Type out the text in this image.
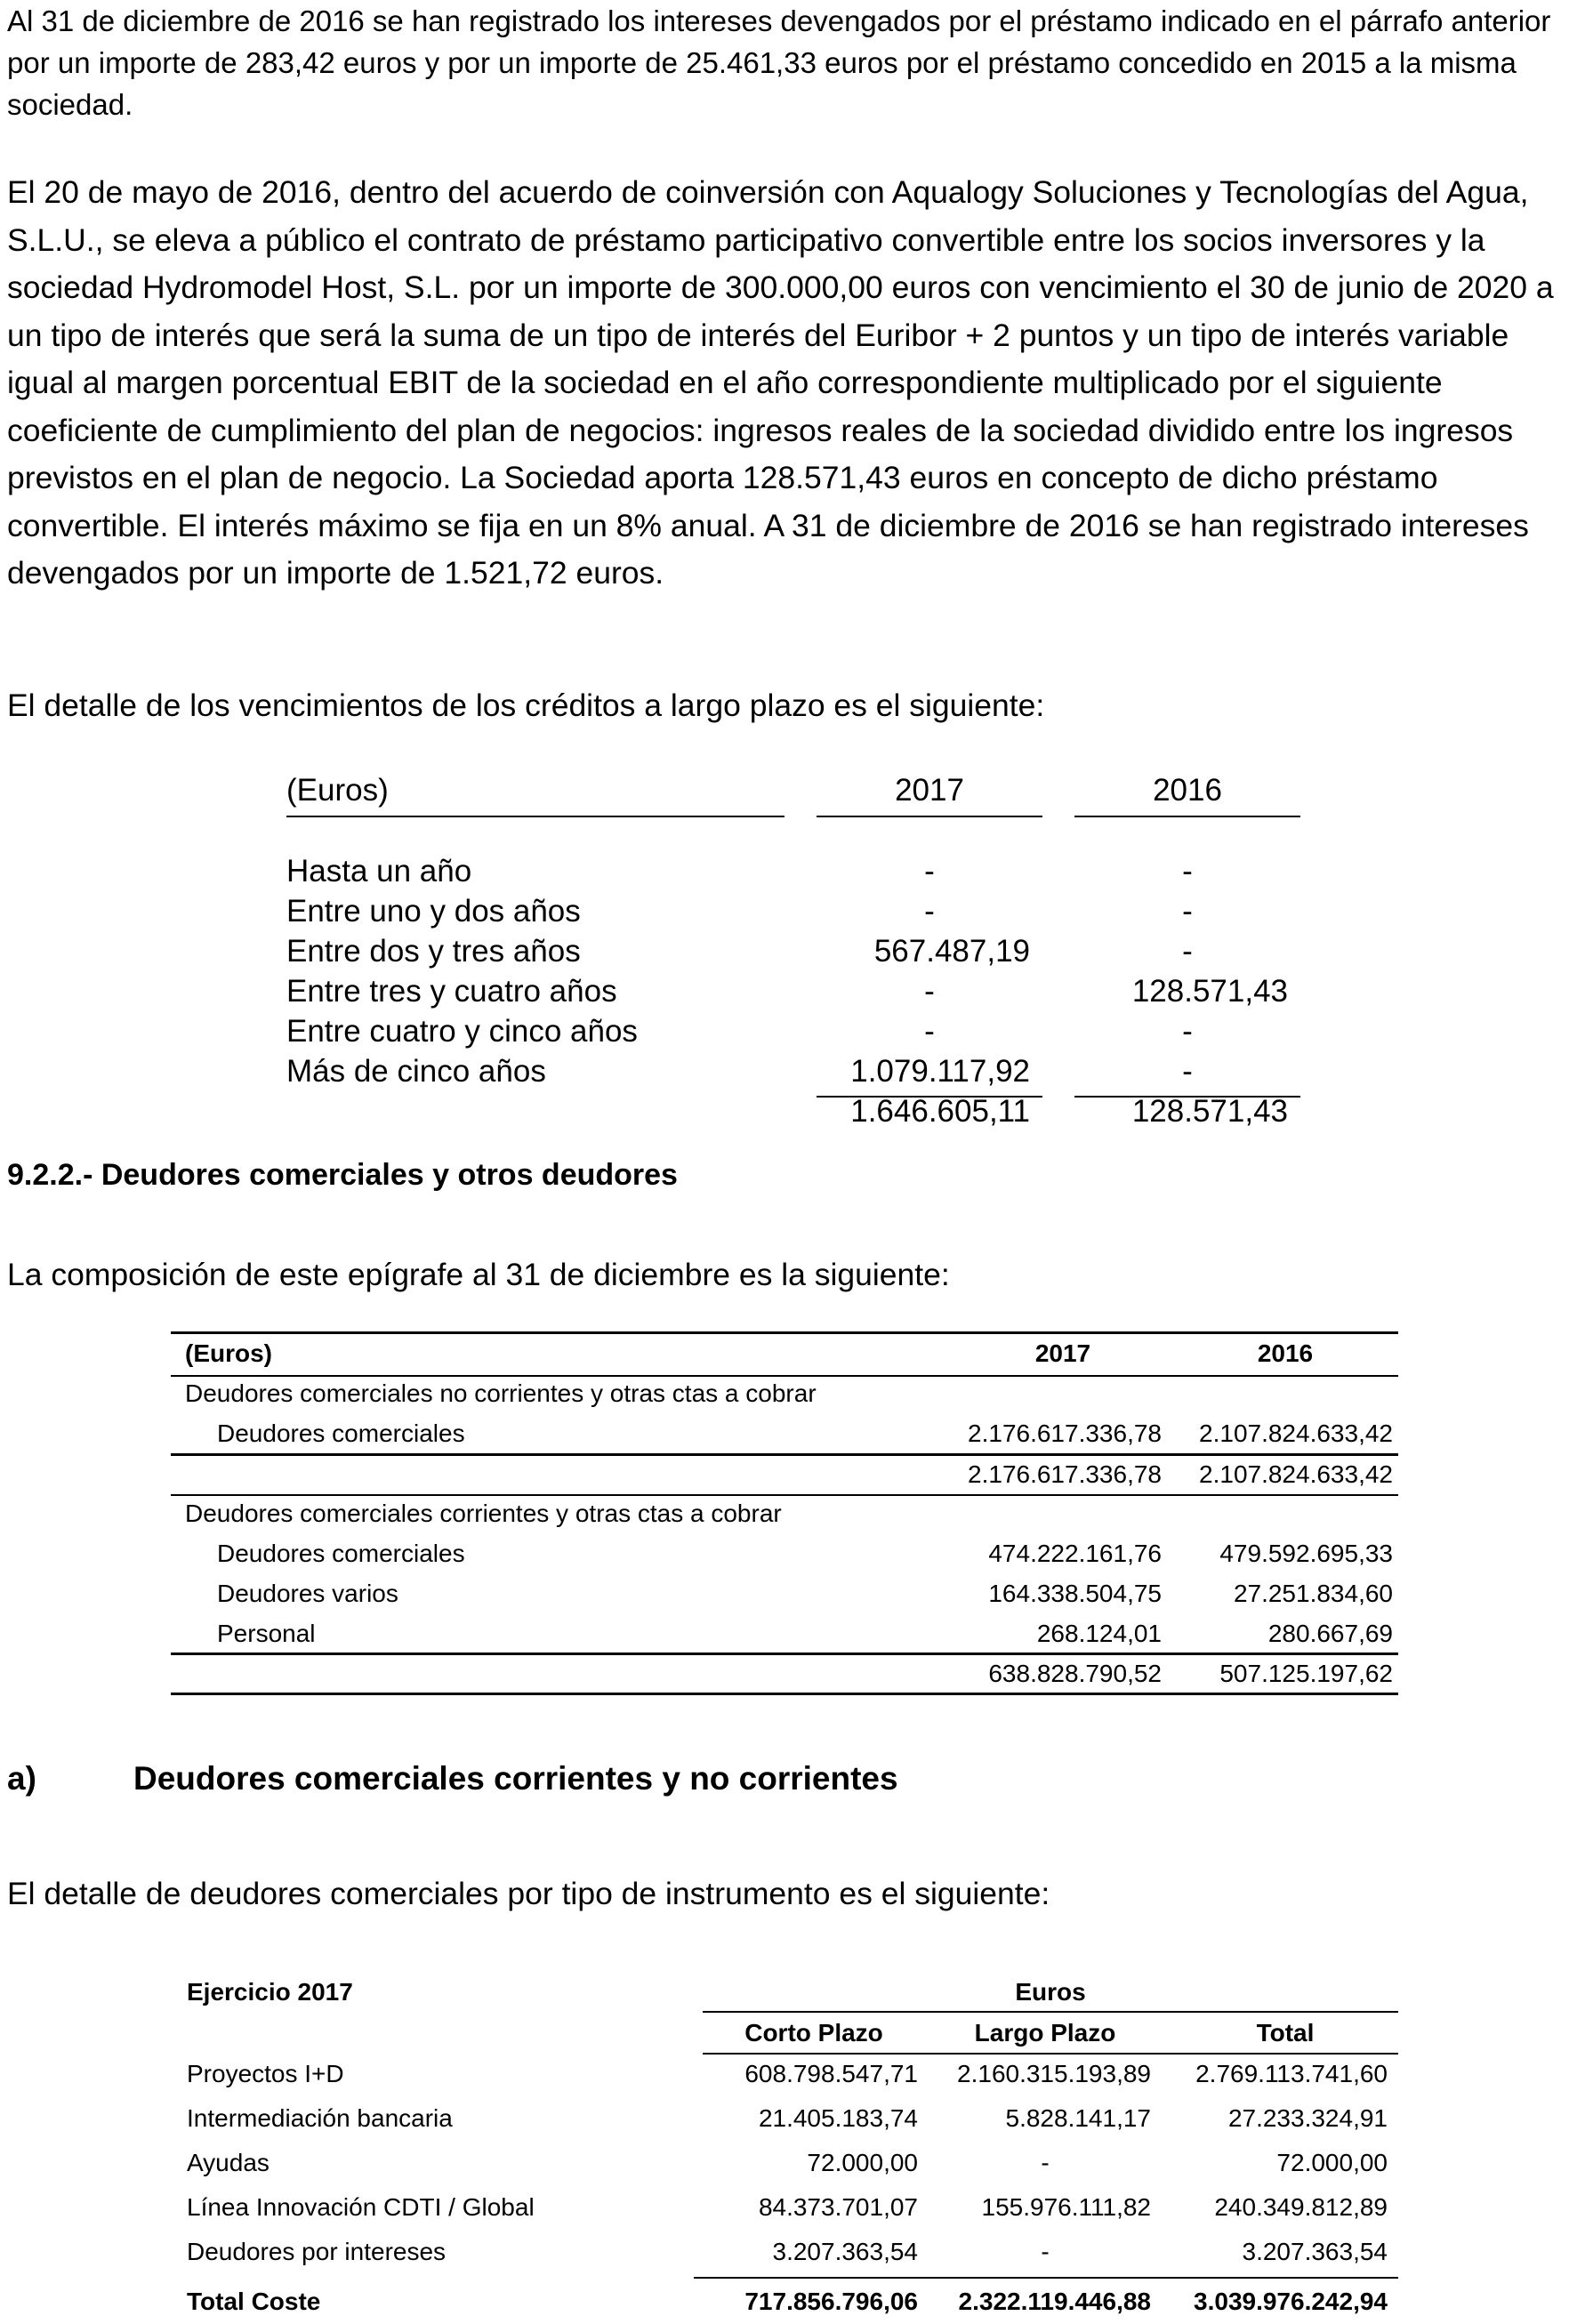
Al 31 de diciembre de 2016 se han registrado los intereses devengados por el préstamo indicado en el párrafo anterior por un importe de 283,42 euros y por un importe de 25.461,33 euros por el préstamo concedido en 2015 a la misma sociedad.

El 20 de mayo de 2016, dentro del acuerdo de coinversión con Aqualogy Soluciones y Tecnologías del Agua, S.L.U., se eleva a público el contrato de préstamo participativo convertible entre los socios inversores y la sociedad Hydromodel Host, S.L. por un importe de 300.000,00 euros con vencimiento el 30 de junio de 2020 a un tipo de interés que será la suma de un tipo de interés del Euribor + 2 puntos y un tipo de interés variable igual al margen porcentual EBIT de la sociedad en el año correspondiente multiplicado por el siguiente coeficiente de cumplimiento del plan de negocios: ingresos reales de la sociedad dividido entre los ingresos previstos en el plan de negocio. La Sociedad aporta 128.571,43 euros en concepto de dicho préstamo convertible. El interés máximo se fija en un 8% anual. A 31 de diciembre de 2016 se han registrado intereses devengados por un importe de 1.521,72 euros.

El detalle de los vencimientos de los créditos a largo plazo es el siguiente:

(Euros)	2017	2016
Hasta un año	-	-
Entre uno y dos años	-	-
Entre dos y tres años	567.487,19	-
Entre tres y cuatro años	-	128.571,43
Entre cuatro y cinco años	-	-
Más de cinco años	1.079.117,92	-
1.646.605,11	128.571,43
9.2.2.- Deudores comerciales y otros deudores

La composición de este epígrafe al 31 de diciembre es la siguiente:

(Euros)	2017	2016
Deudores comerciales no corrientes y otras ctas a cobrar
Deudores comerciales	2.176.617.336,78	2.107.824.633,42
2.176.617.336,78	2.107.824.633,42
Deudores comerciales corrientes y otras ctas a cobrar
Deudores comerciales	474.222.161,76	479.592.695,33
Deudores varios	164.338.504,75	27.251.834,60
Personal	268.124,01	280.667,69
638.828.790,52	507.125.197,62
a)	Deudores comerciales corrientes y no corrientes

El detalle de deudores comerciales por tipo de instrumento es el siguiente:

Ejercicio 2017	Euros
Corto Plazo	Largo Plazo	Total
Proyectos I+D	608.798.547,71	2.160.315.193,89	2.769.113.741,60
Intermediación bancaria	21.405.183,74	5.828.141,17	27.233.324,91
Ayudas	72.000,00	-	72.000,00
Línea Innovación CDTI / Global	84.373.701,07	155.976.111,82	240.349.812,89
Deudores por intereses	3.207.363,54	-	3.207.363,54
Total Coste	717.856.796,06	2.322.119.446,88	3.039.976.242,94
